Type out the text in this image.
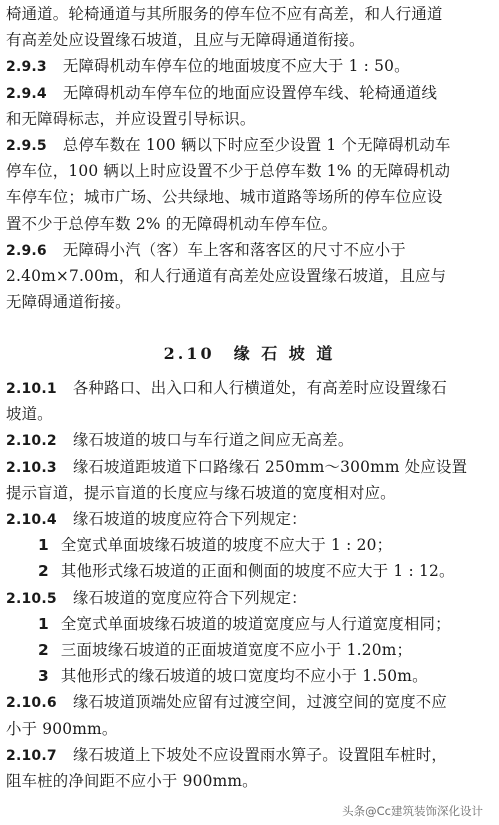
椅通道。轮椅通道与其所服务的停车位不应有高差，和人行通道
有高差处应设置缘石坡道，且应与无障碍通道衔接。
2.9.3 无障碍机动车停车位的地面坡度不应大于 1 : 50。
2.9.4 无障碍机动车停车位的地面应设置停车线、轮椅通道线
和无障碍标志，并应设置引导标识。
2.9.5 总停车数在 100 辆以下时应至少设置 1 个无障碍机动车
停车位，100 辆以上时应设置不少于总停车数 1% 的无障碍机动
车停车位；城市广场、公共绿地、城市道路等场所的停车位应设
置不少于总停车数 2% 的无障碍机动车停车位。
2.9.6 无障碍小汽（客）车上客和落客区的尺寸不应小于
2.40m×7.00m，和人行通道有高差处应设置缘石坡道，且应与
无障碍通道衔接。
2.10　缘 石 坡 道
2.10.1 各种路口、出入口和人行横道处，有高差时应设置缘石
坡道。
2.10.2 缘石坡道的坡口与车行道之间应无高差。
2.10.3 缘石坡道距坡道下口路缘石 250mm～300mm 处应设置
提示盲道，提示盲道的长度应与缘石坡道的宽度相对应。
2.10.4 缘石坡道的坡度应符合下列规定：
1 全宽式单面坡缘石坡道的坡度不应大于 1 : 20；
2 其他形式缘石坡道的正面和侧面的坡度不应大于 1 : 12。
2.10.5 缘石坡道的宽度应符合下列规定：
1 全宽式单面坡缘石坡道的坡道宽度应与人行道宽度相同；
2 三面坡缘石坡道的正面坡道宽度不应小于 1.20m；
3 其他形式的缘石坡道的坡口宽度均不应小于 1.50m。
2.10.6 缘石坡道顶端处应留有过渡空间，过渡空间的宽度不应
小于 900mm。
2.10.7 缘石坡道上下坡处不应设置雨水箅子。设置阻车桩时，
阻车桩的净间距不应小于 900mm。
头条@Cc建筑装饰深化设计
